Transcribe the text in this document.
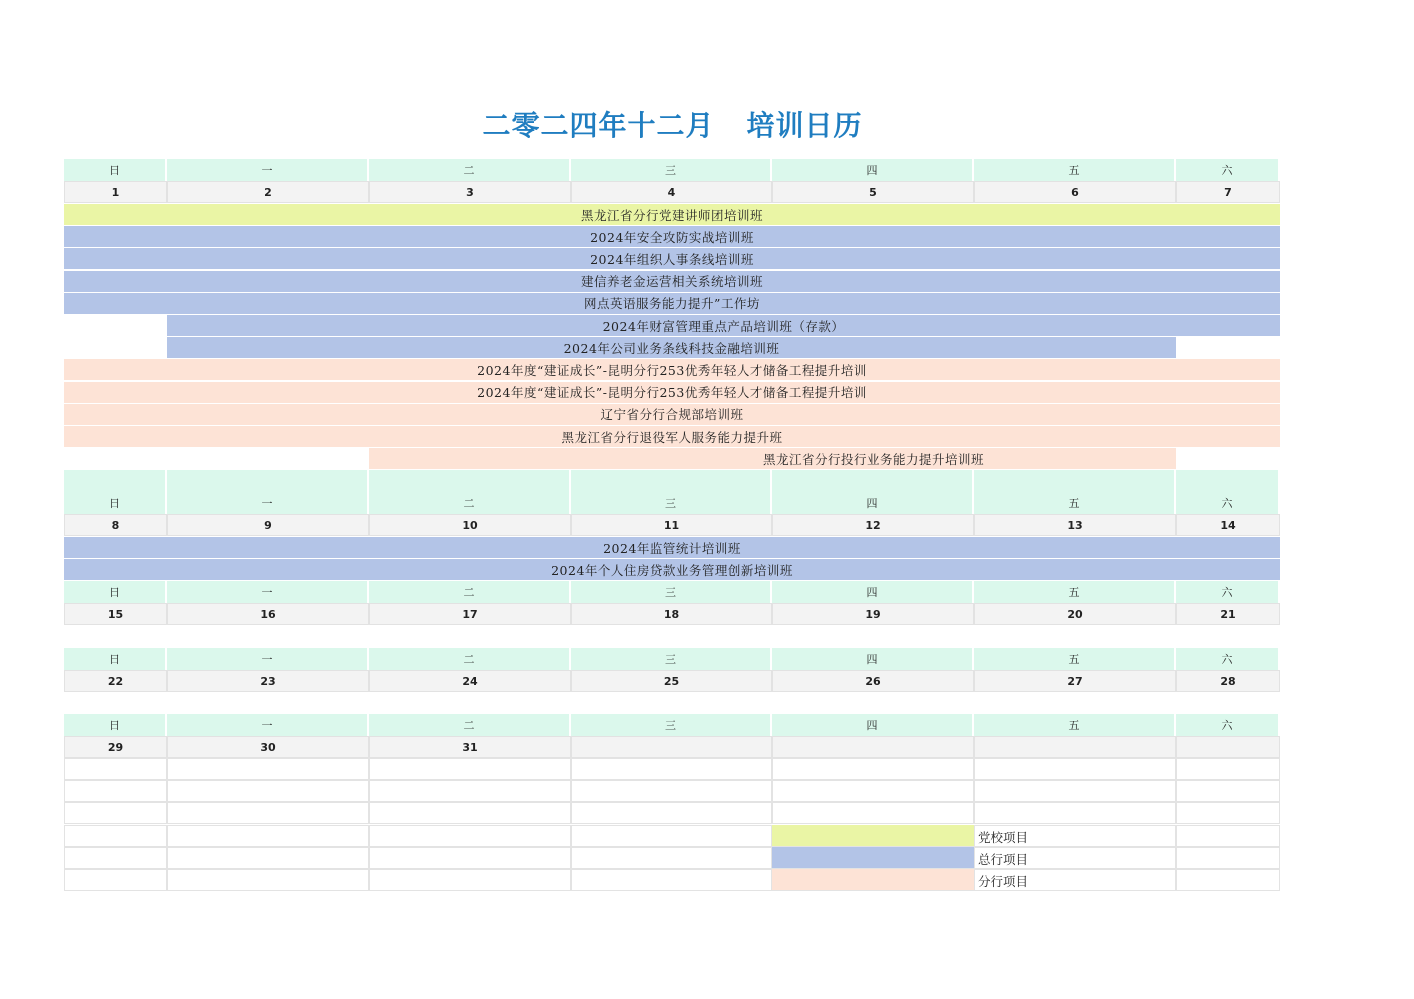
二零二四年十二月 培训日历
日	一	二	三	四	五	六
1	2	3	4	5	6	7
黑龙江省分行党建讲师团培训班
2024年安全攻防实战培训班
2024年组织人事条线培训班
建信养老金运营相关系统培训班
网点英语服务能力提升”工作坊
2024年财富管理重点产品培训班（存款）
2024年公司业务条线科技金融培训班
2024年度“建证成长”-昆明分行253优秀年轻人才储备工程提升培训
2024年度“建证成长”-昆明分行253优秀年轻人才储备工程提升培训
辽宁省分行合规部培训班
黑龙江省分行退役军人服务能力提升班
黑龙江省分行投行业务能力提升培训班
日	一	二	三	四	五	六
8	9	10	11	12	13	14
2024年监管统计培训班
2024年个人住房贷款业务管理创新培训班
日	一	二	三	四	五	六
15	16	17	18	19	20	21
日	一	二	三	四	五	六
22	23	24	25	26	27	28
日	一	二	三	四	五	六
29	30	31
党校项目
总行项目
分行项目
